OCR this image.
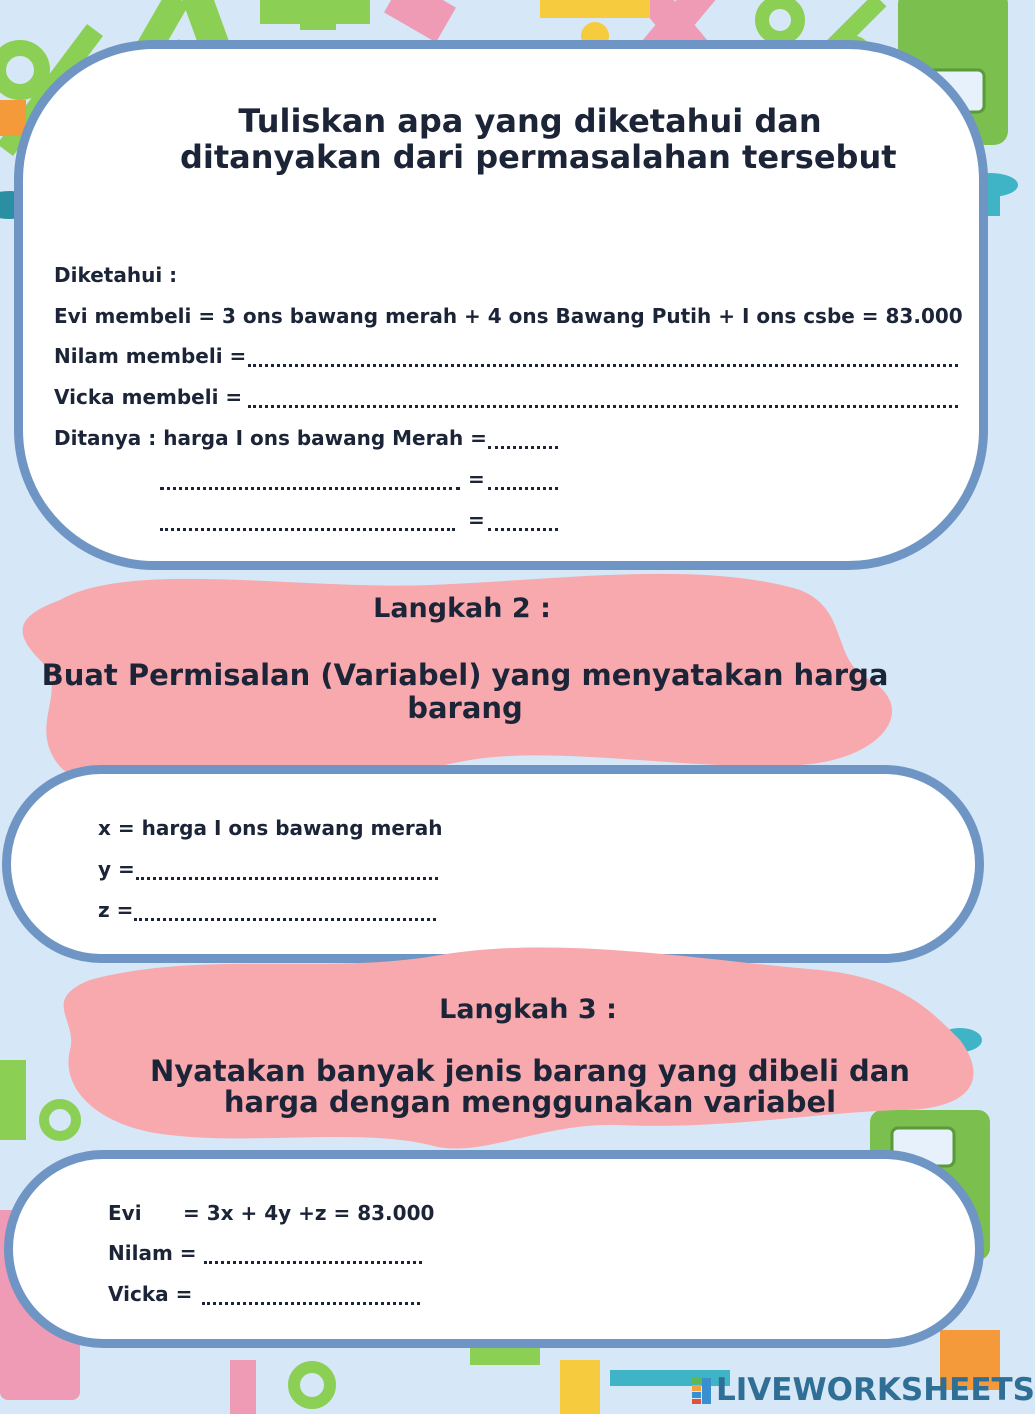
Tuliskan apa yang diketahui dan
ditanyakan dari permasalahan tersebut
Diketahui :
Evi membeli = 3 ons bawang merah + 4 ons Bawang Putih + I ons csbe = 83.000
Nilam membeli =
Vicka membeli =
Ditanya : harga I ons bawang Merah =
=
=
Langkah 2 :
Buat Permisalan (Variabel) yang menyatakan harga
barang
x = harga I ons bawang merah
y =
z =
Langkah 3 :
Nyatakan banyak jenis barang yang dibeli dan
harga dengan menggunakan variabel
Evi = 3x + 4y +z = 83.000
Nilam =
Vicka =
LIVEWORKSHEETS
